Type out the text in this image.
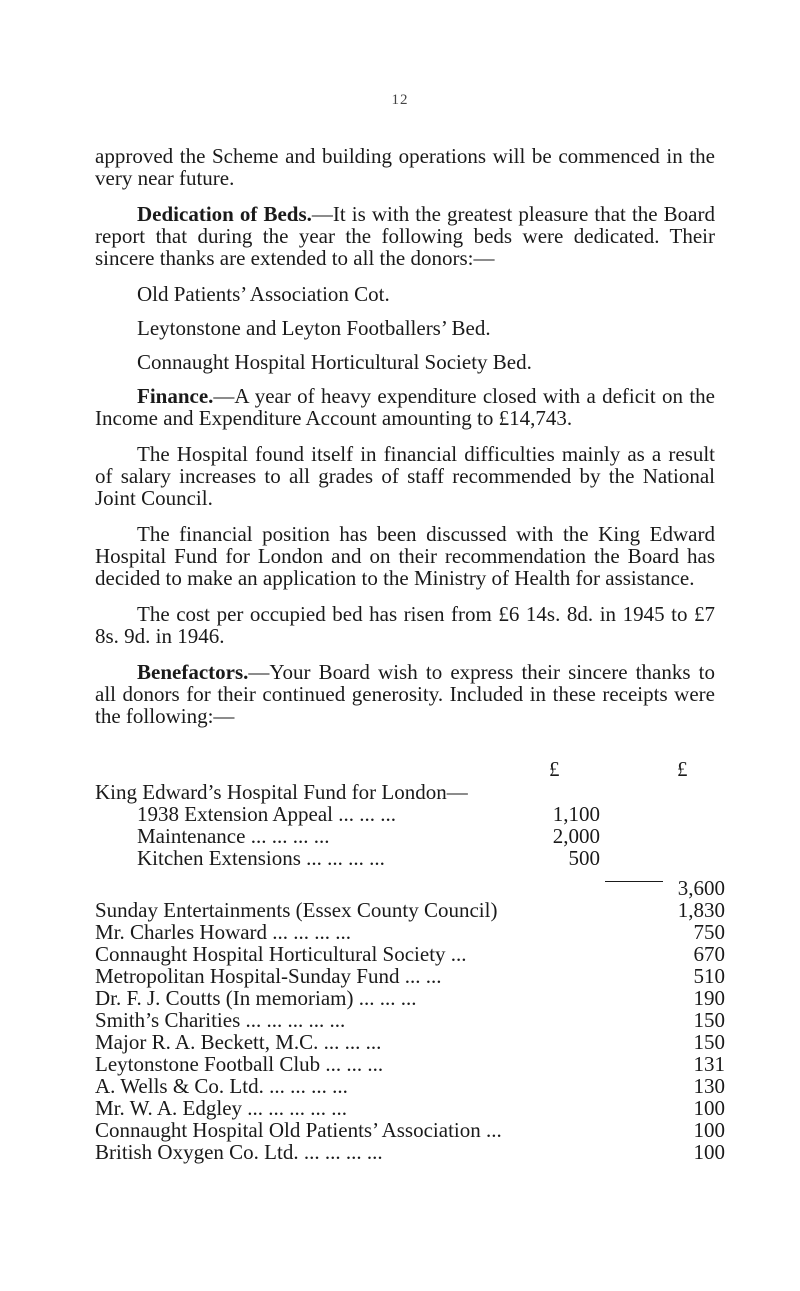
12

approved the Scheme and building operations will be commenced in the very near future.

Dedication of Beds.—It is with the greatest pleasure that the Board report that during the year the following beds were dedicated. Their sincere thanks are extended to all the donors:—

Old Patients’ Association Cot.
Leytonstone and Leyton Footballers’ Bed.
Connaught Hospital Horticultural Society Bed.

Finance.—A year of heavy expenditure closed with a deficit on the Income and Expenditure Account amounting to £14,743.

The Hospital found itself in financial difficulties mainly as a result of salary increases to all grades of staff recommended by the National Joint Council.

The financial position has been discussed with the King Edward Hospital Fund for London and on their recommendation the Board has decided to make an application to the Ministry of Health for assistance.

The cost per occupied bed has risen from £6 14s. 8d. in 1945 to £7 8s. 9d. in 1946.

Benefactors.—Your Board wish to express their sincere thanks to all donors for their continued generosity. Included in these receipts were the following:—

£	£
King Edward’s Hospital Fund for London—
1938 Extension Appeal ... ... ...	1,100
Maintenance ... ... ... ...	2,000
Kitchen Extensions ... ... ... ...	500
3,600
Sunday Entertainments (Essex County Council)	1,830
Mr. Charles Howard ... ... ... ...	750
Connaught Hospital Horticultural Society ...	670
Metropolitan Hospital-Sunday Fund ... ...	510
Dr. F. J. Coutts (In memoriam) ... ... ...	190
Smith’s Charities ... ... ... ... ...	150
Major R. A. Beckett, M.C. ... ... ...	150
Leytonstone Football Club ... ... ...	131
A. Wells & Co. Ltd. ... ... ... ...	130
Mr. W. A. Edgley ... ... ... ... ...	100
Connaught Hospital Old Patients’ Association ...	100
British Oxygen Co. Ltd. ... ... ... ...	100
